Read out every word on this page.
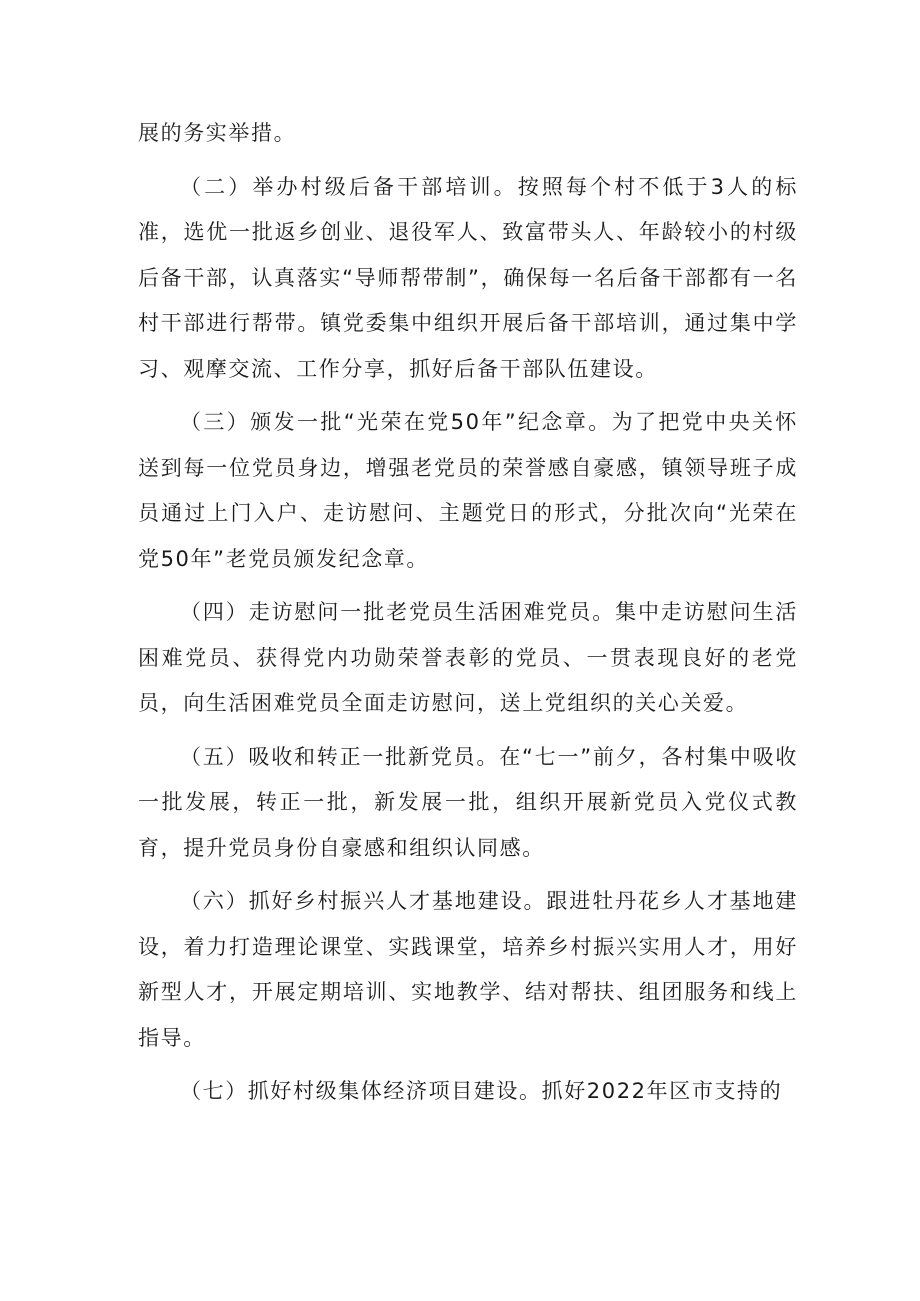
展的务实举措。

（二）举办村级后备干部培训。按照每个村不低于3人的标准，选优一批返乡创业、退役军人、致富带头人、年龄较小的村级后备干部，认真落实“导师帮带制”，确保每一名后备干部都有一名村干部进行帮带。镇党委集中组织开展后备干部培训，通过集中学习、观摩交流、工作分享，抓好后备干部队伍建设。

（三）颁发一批“光荣在党50年”纪念章。为了把党中央关怀送到每一位党员身边，增强老党员的荣誉感自豪感，镇领导班子成员通过上门入户、走访慰问、主题党日的形式，分批次向“光荣在党50年”老党员颁发纪念章。

（四）走访慰问一批老党员生活困难党员。集中走访慰问生活困难党员、获得党内功勋荣誉表彰的党员、一贯表现良好的老党员，向生活困难党员全面走访慰问，送上党组织的关心关爱。

（五）吸收和转正一批新党员。在“七一”前夕，各村集中吸收一批发展，转正一批，新发展一批，组织开展新党员入党仪式教育，提升党员身份自豪感和组织认同感。

（六）抓好乡村振兴人才基地建设。跟进牡丹花乡人才基地建设，着力打造理论课堂、实践课堂，培养乡村振兴实用人才，用好新型人才，开展定期培训、实地教学、结对帮扶、组团服务和线上指导。

（七）抓好村级集体经济项目建设。抓好2022年区市支持的
